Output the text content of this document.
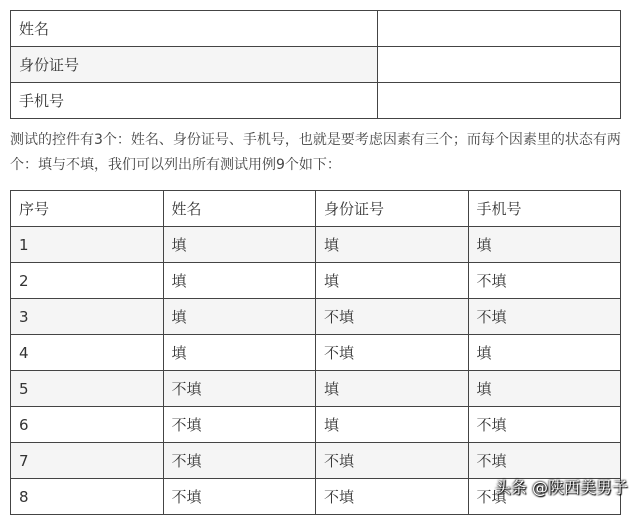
姓名	
身份证号	
手机号	

测试的控件有3个：姓名、身份证号、手机号，也就是要考虑因素有三个；而每个因素里的状态有两个：填与不填，我们可以列出所有测试用例9个如下：

序号	姓名	身份证号	手机号
1	填	填	填
2	填	填	不填
3	填	不填	不填
4	填	不填	填
5	不填	填	填
6	不填	填	不填
7	不填	不填	不填
8	不填	不填	不填
头条 @陕西美男子
